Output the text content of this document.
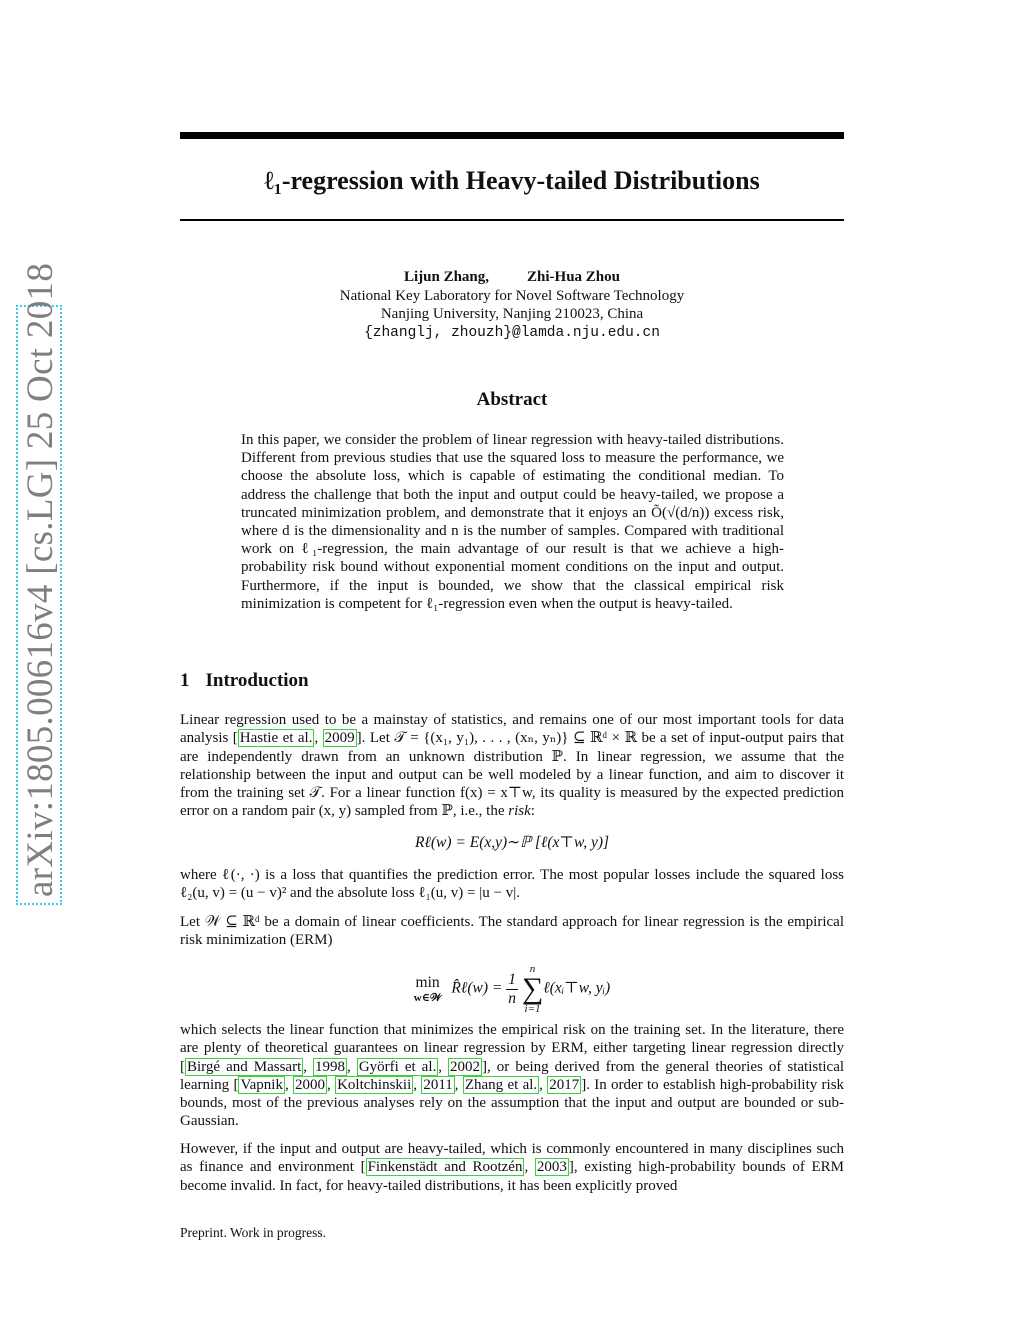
arXiv:1805.00616v4 [cs.LG] 25 Oct 2018
ℓ₁-regression with Heavy-tailed Distributions
Lijun Zhang,	Zhi-Hua Zhou
National Key Laboratory for Novel Software Technology
Nanjing University, Nanjing 210023, China
{zhanglj, zhouzh}@lamda.nju.edu.cn
Abstract
In this paper, we consider the problem of linear regression with heavy-tailed distributions. Different from previous studies that use the squared loss to measure the performance, we choose the absolute loss, which is capable of estimating the conditional median. To address the challenge that both the input and output could be heavy-tailed, we propose a truncated minimization problem, and demonstrate that it enjoys an Õ(√(d/n)) excess risk, where d is the dimensionality and n is the number of samples. Compared with traditional work on ℓ₁-regression, the main advantage of our result is that we achieve a high-probability risk bound without exponential moment conditions on the input and output. Furthermore, if the input is bounded, we show that the classical empirical risk minimization is competent for ℓ₁-regression even when the output is heavy-tailed.
1 Introduction
Linear regression used to be a mainstay of statistics, and remains one of our most important tools for data analysis [ Hastie et al. , 2009 ]. Let 𝒯 = {(x₁, y₁), . . . , (xₙ, yₙ)} ⊆ ℝᵈ × ℝ be a set of input-output pairs that are independently drawn from an unknown distribution ℙ. In linear regression, we assume that the relationship between the input and output can be well modeled by a linear function, and aim to discover it from the training set 𝒯. For a linear function f(x) = x⊤w, its quality is measured by the expected prediction error on a random pair (x, y) sampled from ℙ, i.e., the risk:
Rℓ(w) = E(x,y)∼ℙ [ℓ(x⊤w, y)]
where ℓ(·, ·) is a loss that quantifies the prediction error. The most popular losses include the squared loss ℓ₂(u, v) = (u − v)² and the absolute loss ℓ₁(u, v) = |u − v|.
Let 𝒲 ⊆ ℝᵈ be a domain of linear coefficients. The standard approach for linear regression is the empirical risk minimization (ERM)
min
w∈𝒲
R̂ℓ(w) = $\frac{1}{n}$

n
∑
i=1
ℓ(xᵢ⊤w, yᵢ)
which selects the linear function that minimizes the empirical risk on the training set. In the literature, there are plenty of theoretical guarantees on linear regression by ERM, either targeting linear regression directly [ Birgé and Massart , 1998 , Györfi et al. , 2002 ], or being derived from the general theories of statistical learning [ Vapnik , 2000 , Koltchinskii , 2011 , Zhang et al. , 2017 ]. In order to establish high-probability risk bounds, most of the previous analyses rely on the assumption that the input and output are bounded or sub-Gaussian.
However, if the input and output are heavy-tailed, which is commonly encountered in many disciplines such as finance and environment [ Finkenstädt and Rootzén , 2003 ], existing high-probability bounds of ERM become invalid. In fact, for heavy-tailed distributions, it has been explicitly proved
Preprint. Work in progress.
